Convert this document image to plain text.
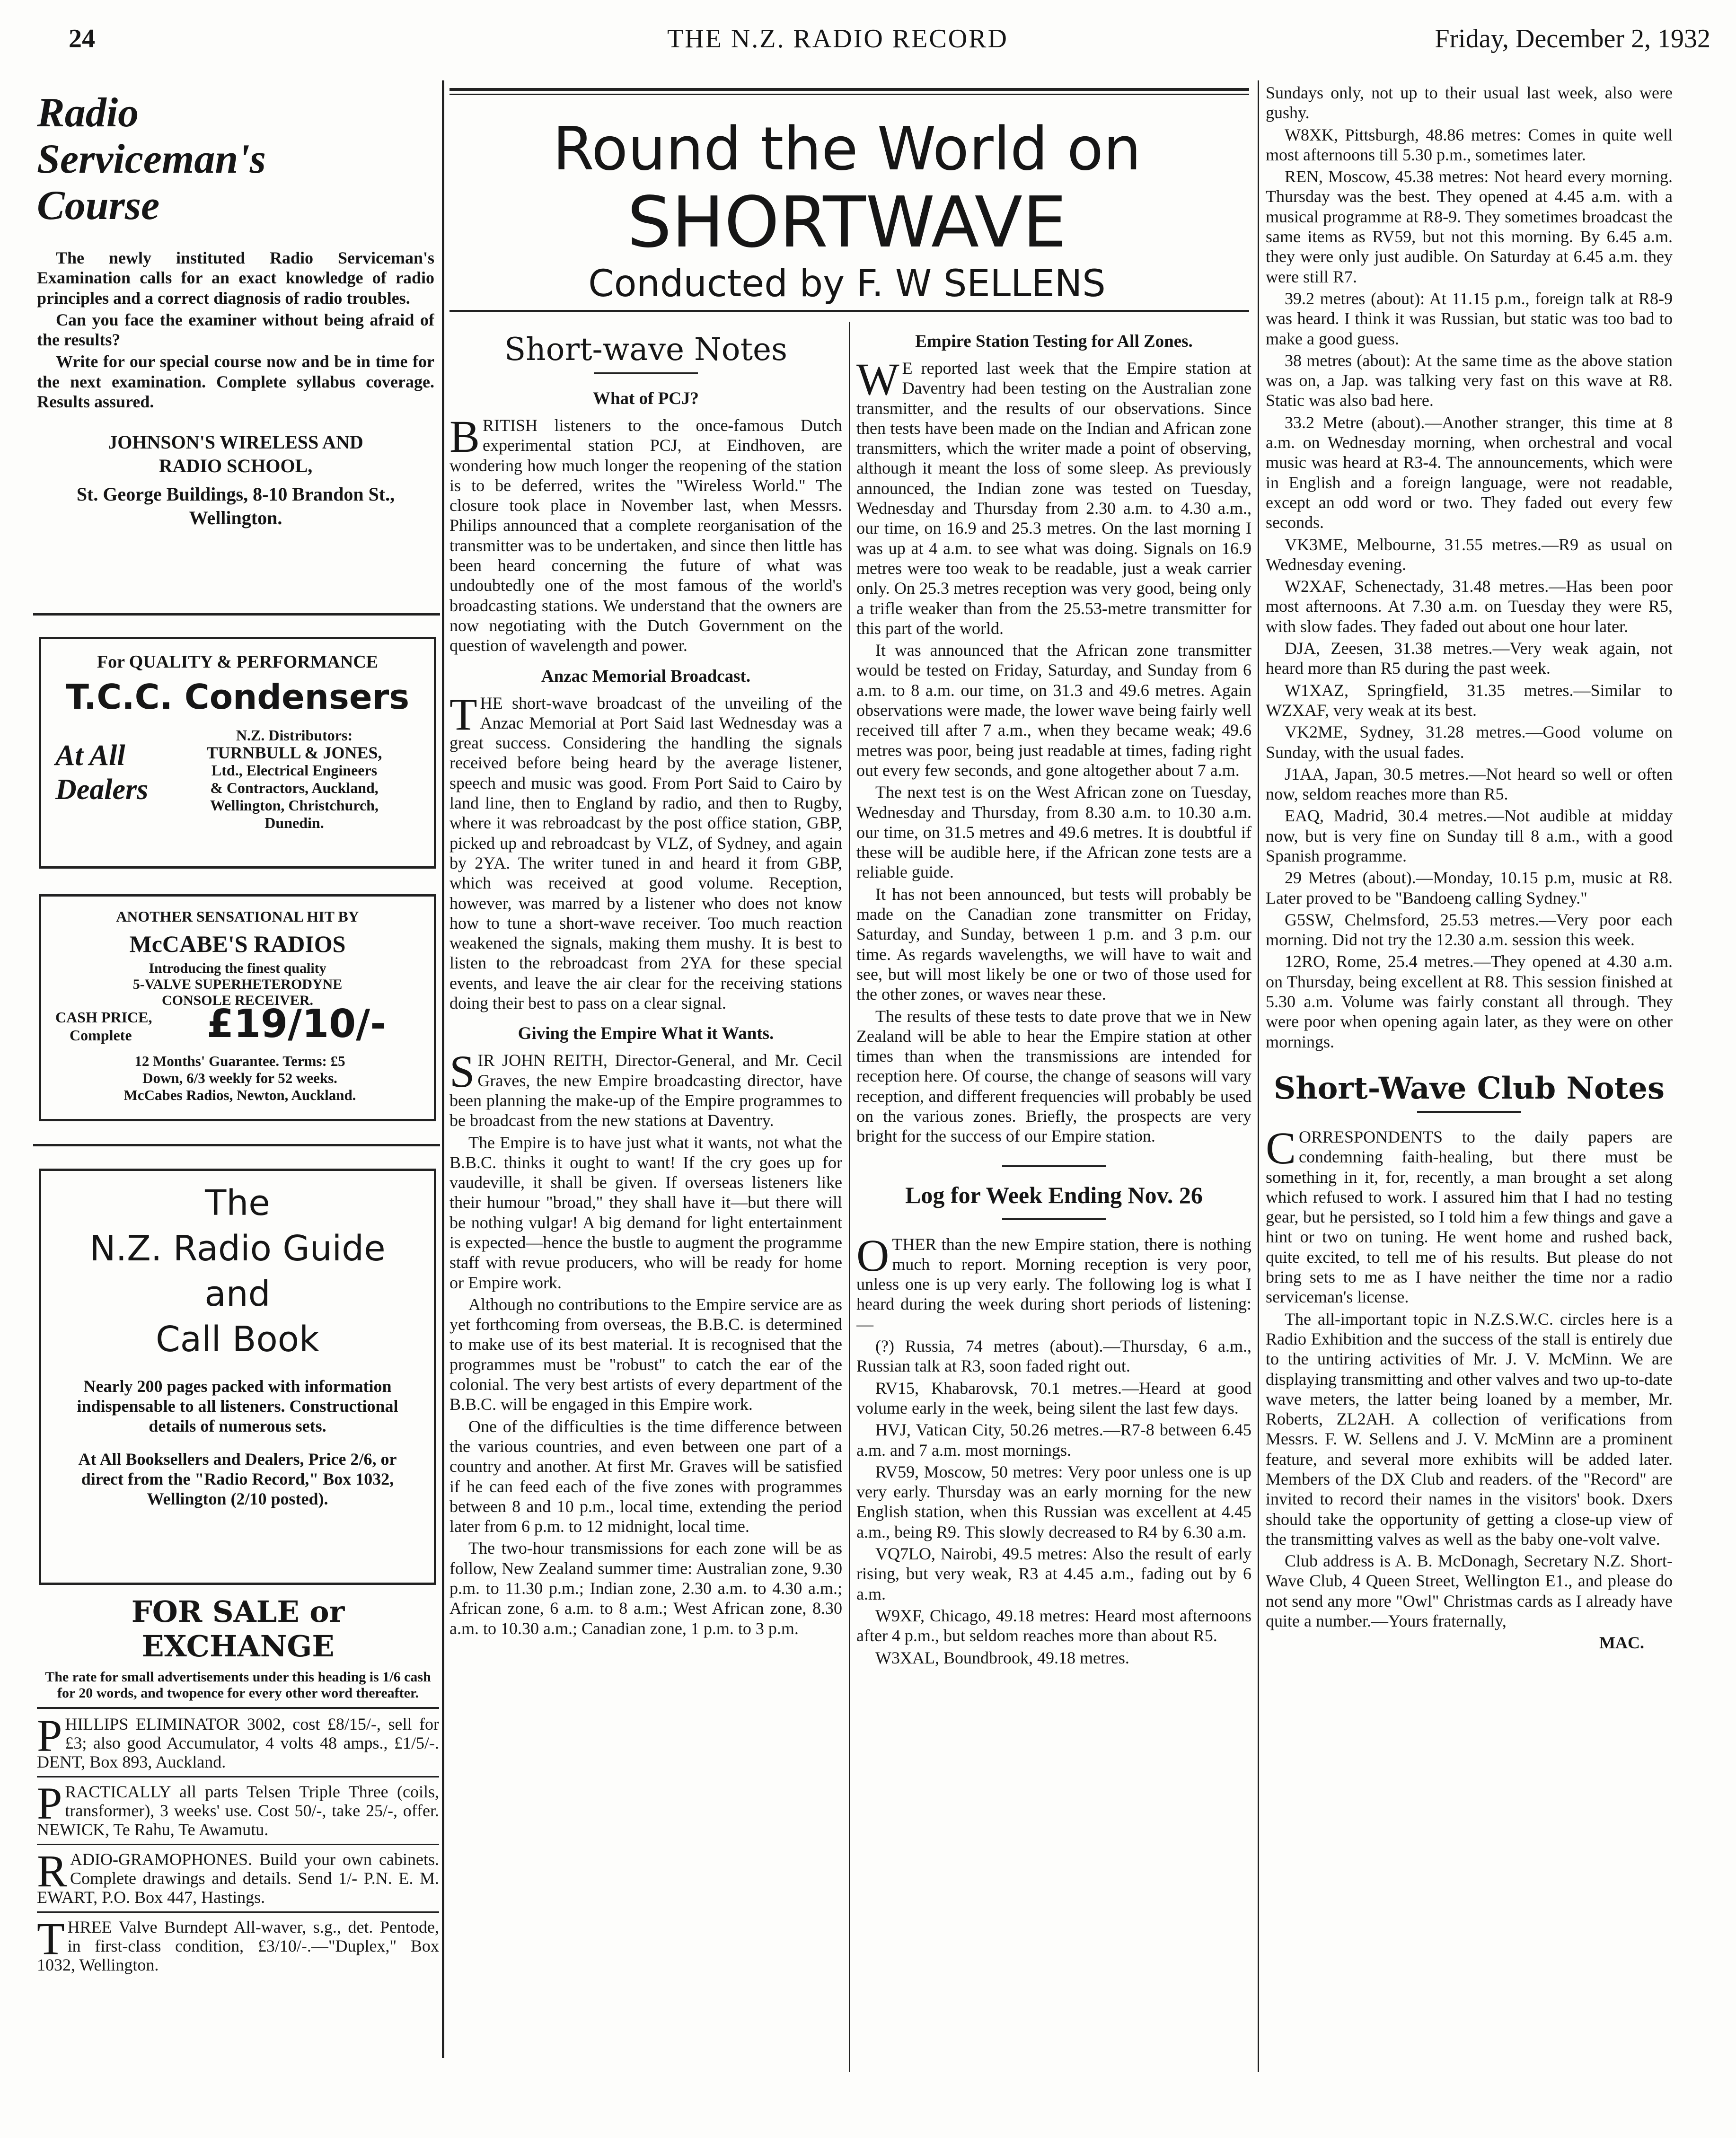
24	THE N.Z. RADIO RECORD	Friday, December 2, 1932
Radio
Serviceman's
Course

The newly instituted Radio Serviceman's Examination calls for an exact knowledge of radio principles and a correct diagnosis of radio troubles.

Can you face the examiner without being afraid of the results?

Write for our special course now and be in time for the next examination. Complete syllabus coverage. Results assured.

JOHNSON'S WIRELESS AND
RADIO SCHOOL,
St. George Buildings, 8-10 Brandon St.,
Wellington.
For QUALITY & PERFORMANCE
T.C.C. Condensers
At All
Dealers
N.Z. Distributors:
TURNBULL & JONES,
Ltd., Electrical Engineers
& Contractors, Auckland,
Wellington, Christchurch,
Dunedin.
ANOTHER SENSATIONAL HIT BY
McCABE'S RADIOS
Introducing the finest quality
5-VALVE SUPERHETERODYNE
CONSOLE RECEIVER.
CASH PRICE,
Complete	£19/10/-
12 Months' Guarantee. Terms: £5
Down, 6/3 weekly for 52 weeks.
McCabes Radios, Newton, Auckland.
The
N.Z. Radio Guide
and
Call Book

Nearly 200 pages packed with information indispensable to all listeners. Constructional details of numerous sets.

At All Booksellers and Dealers, Price 2/6, or direct from the "Radio Record," Box 1032, Wellington (2/10 posted).

FOR SALE or EXCHANGE

The rate for small advertisements under this heading is 1/6 cash for 20 words, and twopence for every other word thereafter.

PHILLIPS ELIMINATOR 3002, cost £8/15/-, sell for £3; also good Accumulator, 4 volts 48 amps., £1/5/-. DENT, Box 893, Auckland.

PRACTICALLY all parts Telsen Triple Three (coils, transformer), 3 weeks' use. Cost 50/-, take 25/-, offer. NEWICK, Te Rahu, Te Awamutu.

RADIO-GRAMOPHONES. Build your own cabinets. Complete drawings and details. Send 1/- P.N. E. M. EWART, P.O. Box 447, Hastings.

THREE Valve Burndept All-waver, s.g., det. Pentode, in first-class condition, £3/10/-.—"Duplex," Box 1032, Wellington.

Round the World on
SHORTWAVE
Conducted by F. W SELLENS
Short-wave Notes
What of PCJ?

BRITISH listeners to the once-famous Dutch experimental station PCJ, at Eindhoven, are wondering how much longer the reopening of the station is to be deferred, writes the "Wireless World." The closure took place in November last, when Messrs. Philips announced that a complete reorganisation of the transmitter was to be undertaken, and since then little has been heard concerning the future of what was undoubtedly one of the most famous of the world's broadcasting stations. We understand that the owners are now negotiating with the Dutch Government on the question of wavelength and power.

Anzac Memorial Broadcast.

THE short-wave broadcast of the unveiling of the Anzac Memorial at Port Said last Wednesday was a great success. Considering the handling the signals received before being heard by the average listener, speech and music was good. From Port Said to Cairo by land line, then to England by radio, and then to Rugby, where it was rebroadcast by the post office station, GBP, picked up and rebroadcast by VLZ, of Sydney, and again by 2YA. The writer tuned in and heard it from GBP, which was received at good volume. Reception, however, was marred by a listener who does not know how to tune a short-wave receiver. Too much reaction weakened the signals, making them mushy. It is best to listen to the rebroadcast from 2YA for these special events, and leave the air clear for the receiving stations doing their best to pass on a clear signal.

Giving the Empire What it Wants.

SIR JOHN REITH, Director-General, and Mr. Cecil Graves, the new Empire broadcasting director, have been planning the make-up of the Empire programmes to be broadcast from the new stations at Daventry.

The Empire is to have just what it wants, not what the B.B.C. thinks it ought to want! If the cry goes up for vaudeville, it shall be given. If overseas listeners like their humour "broad," they shall have it—but there will be nothing vulgar! A big demand for light entertainment is expected—hence the bustle to augment the programme staff with revue producers, who will be ready for home or Empire work.

Although no contributions to the Empire service are as yet forthcoming from overseas, the B.B.C. is determined to make use of its best material. It is recognised that the programmes must be "robust" to catch the ear of the colonial. The very best artists of every department of the B.B.C. will be engaged in this Empire work.

One of the difficulties is the time difference between the various countries, and even between one part of a country and another. At first Mr. Graves will be satisfied if he can feed each of the five zones with programmes between 8 and 10 p.m., local time, extending the period later from 6 p.m. to 12 midnight, local time.

The two-hour transmissions for each zone will be as follow, New Zealand summer time: Australian zone, 9.30 p.m. to 11.30 p.m.; Indian zone, 2.30 a.m. to 4.30 a.m.; African zone, 6 a.m. to 8 a.m.; West African zone, 8.30 a.m. to 10.30 a.m.; Canadian zone, 1 p.m. to 3 p.m.

Empire Station Testing for All Zones.

WE reported last week that the Empire station at Daventry had been testing on the Australian zone transmitter, and the results of our observations. Since then tests have been made on the Indian and African zone transmitters, which the writer made a point of observing, although it meant the loss of some sleep. As previously announced, the Indian zone was tested on Tuesday, Wednesday and Thursday from 2.30 a.m. to 4.30 a.m., our time, on 16.9 and 25.3 metres. On the last morning I was up at 4 a.m. to see what was doing. Signals on 16.9 metres were too weak to be readable, just a weak carrier only. On 25.3 metres reception was very good, being only a trifle weaker than from the 25.53-metre transmitter for this part of the world.

It was announced that the African zone transmitter would be tested on Friday, Saturday, and Sunday from 6 a.m. to 8 a.m. our time, on 31.3 and 49.6 metres. Again observations were made, the lower wave being fairly well received till after 7 a.m., when they became weak; 49.6 metres was poor, being just readable at times, fading right out every few seconds, and gone altogether about 7 a.m.

The next test is on the West African zone on Tuesday, Wednesday and Thursday, from 8.30 a.m. to 10.30 a.m. our time, on 31.5 metres and 49.6 metres. It is doubtful if these will be audible here, if the African zone tests are a reliable guide.

It has not been announced, but tests will probably be made on the Canadian zone transmitter on Friday, Saturday, and Sunday, between 1 p.m. and 3 p.m. our time. As regards wavelengths, we will have to wait and see, but will most likely be one or two of those used for the other zones, or waves near these.

The results of these tests to date prove that we in New Zealand will be able to hear the Empire station at other times than when the transmissions are intended for reception here. Of course, the change of seasons will vary reception, and different frequencies will probably be used on the various zones. Briefly, the prospects are very bright for the success of our Empire station.

Log for Week Ending Nov. 26

OTHER than the new Empire station, there is nothing much to report. Morning reception is very poor, unless one is up very early. The following log is what I heard during the week during short periods of listening:—

(?) Russia, 74 metres (about).—Thursday, 6 a.m., Russian talk at R3, soon faded right out.

RV15, Khabarovsk, 70.1 metres.—Heard at good volume early in the week, being silent the last few days.

HVJ, Vatican City, 50.26 metres.—R7-8 between 6.45 a.m. and 7 a.m. most mornings.

RV59, Moscow, 50 metres: Very poor unless one is up very early. Thursday was an early morning for the new English station, when this Russian was excellent at 4.45 a.m., being R9. This slowly decreased to R4 by 6.30 a.m.

VQ7LO, Nairobi, 49.5 metres: Also the result of early rising, but very weak, R3 at 4.45 a.m., fading out by 6 a.m.

W9XF, Chicago, 49.18 metres: Heard most afternoons after 4 p.m., but seldom reaches more than about R5.

W3XAL, Boundbrook, 49.18 metres.

Sundays only, not up to their usual last week, also were gushy.

W8XK, Pittsburgh, 48.86 metres: Comes in quite well most afternoons till 5.30 p.m., sometimes later.

REN, Moscow, 45.38 metres: Not heard every morning. Thursday was the best. They opened at 4.45 a.m. with a musical programme at R8-9. They sometimes broadcast the same items as RV59, but not this morning. By 6.45 a.m. they were only just audible. On Saturday at 6.45 a.m. they were still R7.

39.2 metres (about): At 11.15 p.m., foreign talk at R8-9 was heard. I think it was Russian, but static was too bad to make a good guess.

38 metres (about): At the same time as the above station was on, a Jap. was talking very fast on this wave at R8. Static was also bad here.

33.2 Metre (about).—Another stranger, this time at 8 a.m. on Wednesday morning, when orchestral and vocal music was heard at R3-4. The announcements, which were in English and a foreign language, were not readable, except an odd word or two. They faded out every few seconds.

VK3ME, Melbourne, 31.55 metres.—R9 as usual on Wednesday evening.

W2XAF, Schenectady, 31.48 metres.—Has been poor most afternoons. At 7.30 a.m. on Tuesday they were R5, with slow fades. They faded out about one hour later.

DJA, Zeesen, 31.38 metres.—Very weak again, not heard more than R5 during the past week.

W1XAZ, Springfield, 31.35 metres.—Similar to WZXAF, very weak at its best.

VK2ME, Sydney, 31.28 metres.—Good volume on Sunday, with the usual fades.

J1AA, Japan, 30.5 metres.—Not heard so well or often now, seldom reaches more than R5.

EAQ, Madrid, 30.4 metres.—Not audible at midday now, but is very fine on Sunday till 8 a.m., with a good Spanish programme.

29 Metres (about).—Monday, 10.15 p.m, music at R8. Later proved to be "Bandoeng calling Sydney."

G5SW, Chelmsford, 25.53 metres.—Very poor each morning. Did not try the 12.30 a.m. session this week.

12RO, Rome, 25.4 metres.—They opened at 4.30 a.m. on Thursday, being excellent at R8. This session finished at 5.30 a.m. Volume was fairly constant all through. They were poor when opening again later, as they were on other mornings.

Short-Wave Club Notes

CORRESPONDENTS to the daily papers are condemning faith-healing, but there must be something in it, for, recently, a man brought a set along which refused to work. I assured him that I had no testing gear, but he persisted, so I told him a few things and gave a hint or two on tuning. He went home and rushed back, quite excited, to tell me of his results. But please do not bring sets to me as I have neither the time nor a radio serviceman's license.

The all-important topic in N.Z.S.W.C. circles here is a Radio Exhibition and the success of the stall is entirely due to the untiring activities of Mr. J. V. McMinn. We are displaying transmitting and other valves and two up-to-date wave meters, the latter being loaned by a member, Mr. Roberts, ZL2AH. A collection of verifications from Messrs. F. W. Sellens and J. V. McMinn are a prominent feature, and several more exhibits will be added later. Members of the DX Club and readers. of the "Record" are invited to record their names in the visitors' book. Dxers should take the opportunity of getting a close-up view of the transmitting valves as well as the baby one-volt valve.

Club address is A. B. McDonagh, Secretary N.Z. Short-Wave Club, 4 Queen Street, Wellington E1., and please do not send any more "Owl" Christmas cards as I already have quite a number.—Yours fraternally,

MAC.
